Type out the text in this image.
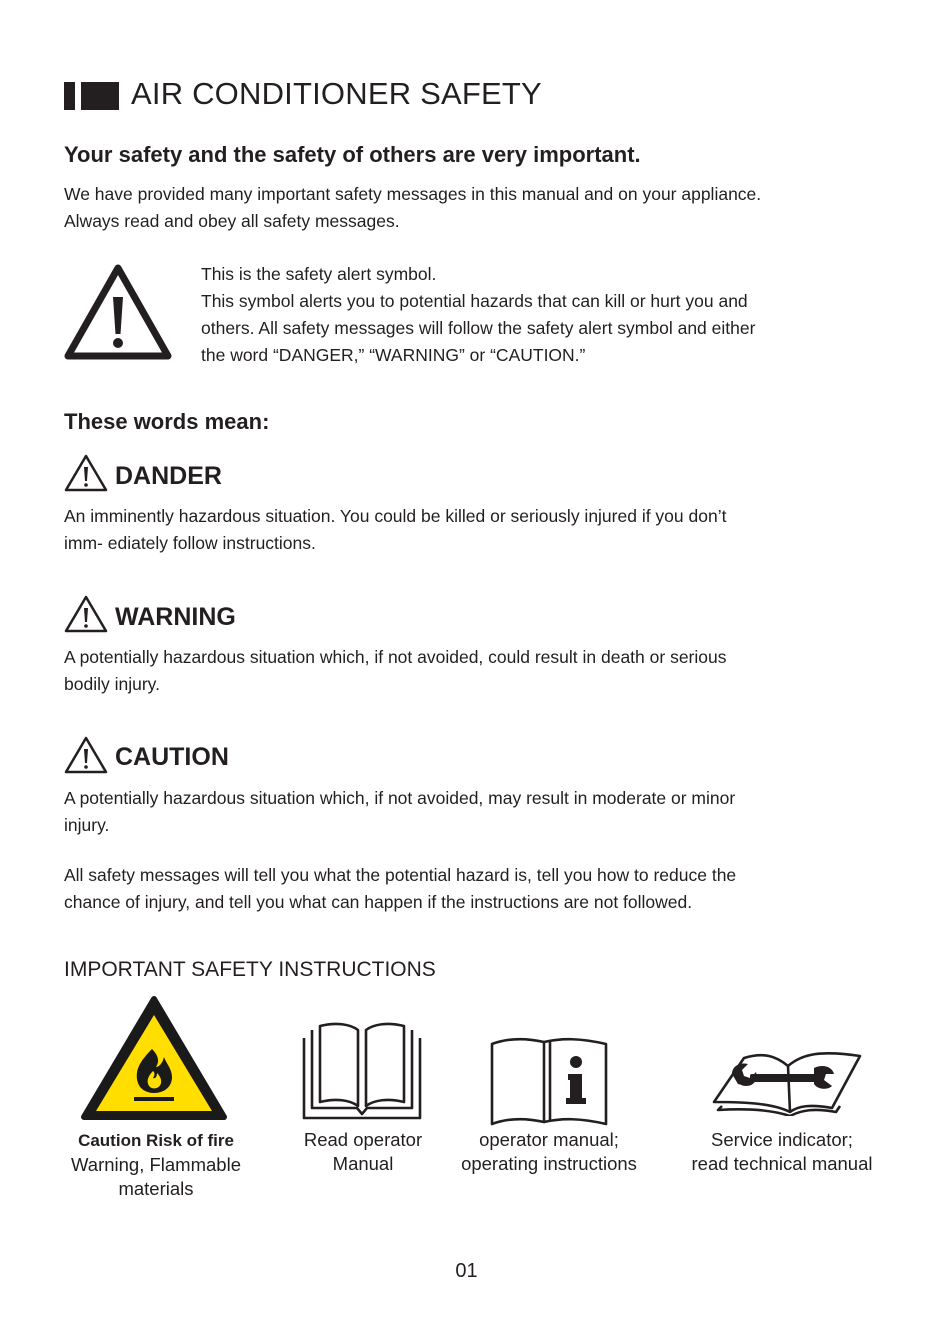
AIR CONDITIONER SAFETY
Your safety and the safety of others are very important.
We have provided many important safety messages in this manual and on your appliance.
Always read and obey all safety messages.
This is the safety alert symbol.
This symbol alerts you to potential hazards that can kill or hurt you and
others. All safety messages will follow the safety alert symbol and either
the word “DANGER,” “WARNING” or “CAUTION.”
These words mean:
DANDER
An imminently hazardous situation. You could be killed or seriously injured if you don’t
imm- ediately follow instructions.
WARNING
A potentially hazardous situation which, if not avoided, could result in death or serious
bodily injury.
CAUTION
A potentially hazardous situation which, if not avoided, may result in moderate or minor
injury.
All safety messages will tell you what the potential hazard is, tell you how to reduce the
chance of injury, and tell you what can happen if the instructions are not followed.
IMPORTANT SAFETY INSTRUCTIONS
Caution Risk of fire
Warning, Flammable
materials
Read operator
Manual
operator manual;
operating instructions
Service indicator;
read technical manual
01
